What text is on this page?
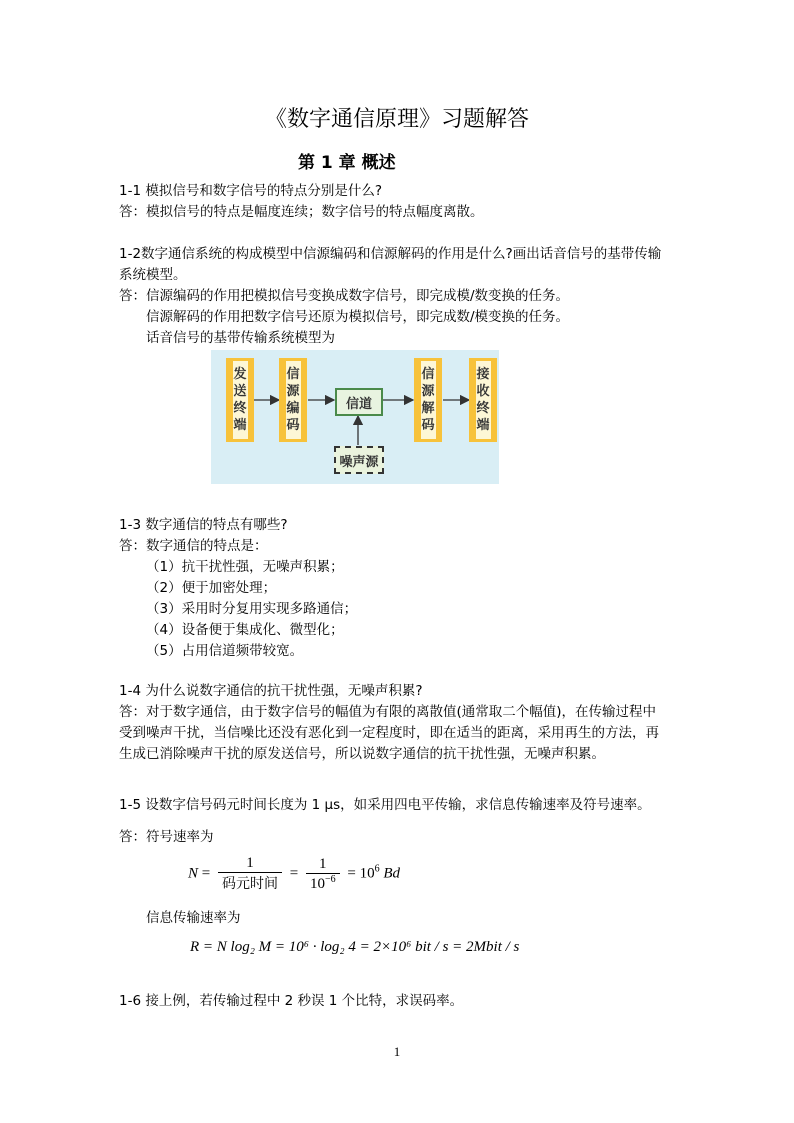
《数字通信原理》习题解答
第 1 章 概述
1-1 模拟信号和数字信号的特点分别是什么?
答：模拟信号的特点是幅度连续；数字信号的特点幅度离散。
1-2数字通信系统的构成模型中信源编码和信源解码的作用是什么?画出话音信号的基带传输
系统模型。
答：信源编码的作用把模拟信号变换成数字信号，即完成模/数变换的任务。
信源解码的作用把数字信号还原为模拟信号，即完成数/模变换的任务。
话音信号的基带传输系统模型为
发送终端
信源编码
信道
信源解码
接收终端
噪声源
1-3 数字通信的特点有哪些?
答：数字通信的特点是：
（1）抗干扰性强，无噪声积累；
（2）便于加密处理；
（3）采用时分复用实现多路通信；
（4）设备便于集成化、微型化；
（5）占用信道频带较宽。
1-4 为什么说数字通信的抗干扰性强，无噪声积累?
答：对于数字通信，由于数字信号的幅值为有限的离散值(通常取二个幅值)，在传输过程中
受到噪声干扰，当信噪比还没有恶化到一定程度时，即在适当的距离，采用再生的方法，再
生成已消除噪声干扰的原发送信号，所以说数字通信的抗干扰性强，无噪声积累。
1-5 设数字信号码元时间长度为 1 μs，如采用四电平传输，求信息传输速率及符号速率。
答：符号速率为
$N = \frac{1}{\text{码元时间}} = \frac{1}{10^{-6}} = 10^6$ Bd
信息传输速率为
R = N log₂ M = 10⁶ · log₂ 4 = 2×10⁶ bit / s = 2Mbit / s
1-6 接上例，若传输过程中 2 秒误 1 个比特，求误码率。
1
